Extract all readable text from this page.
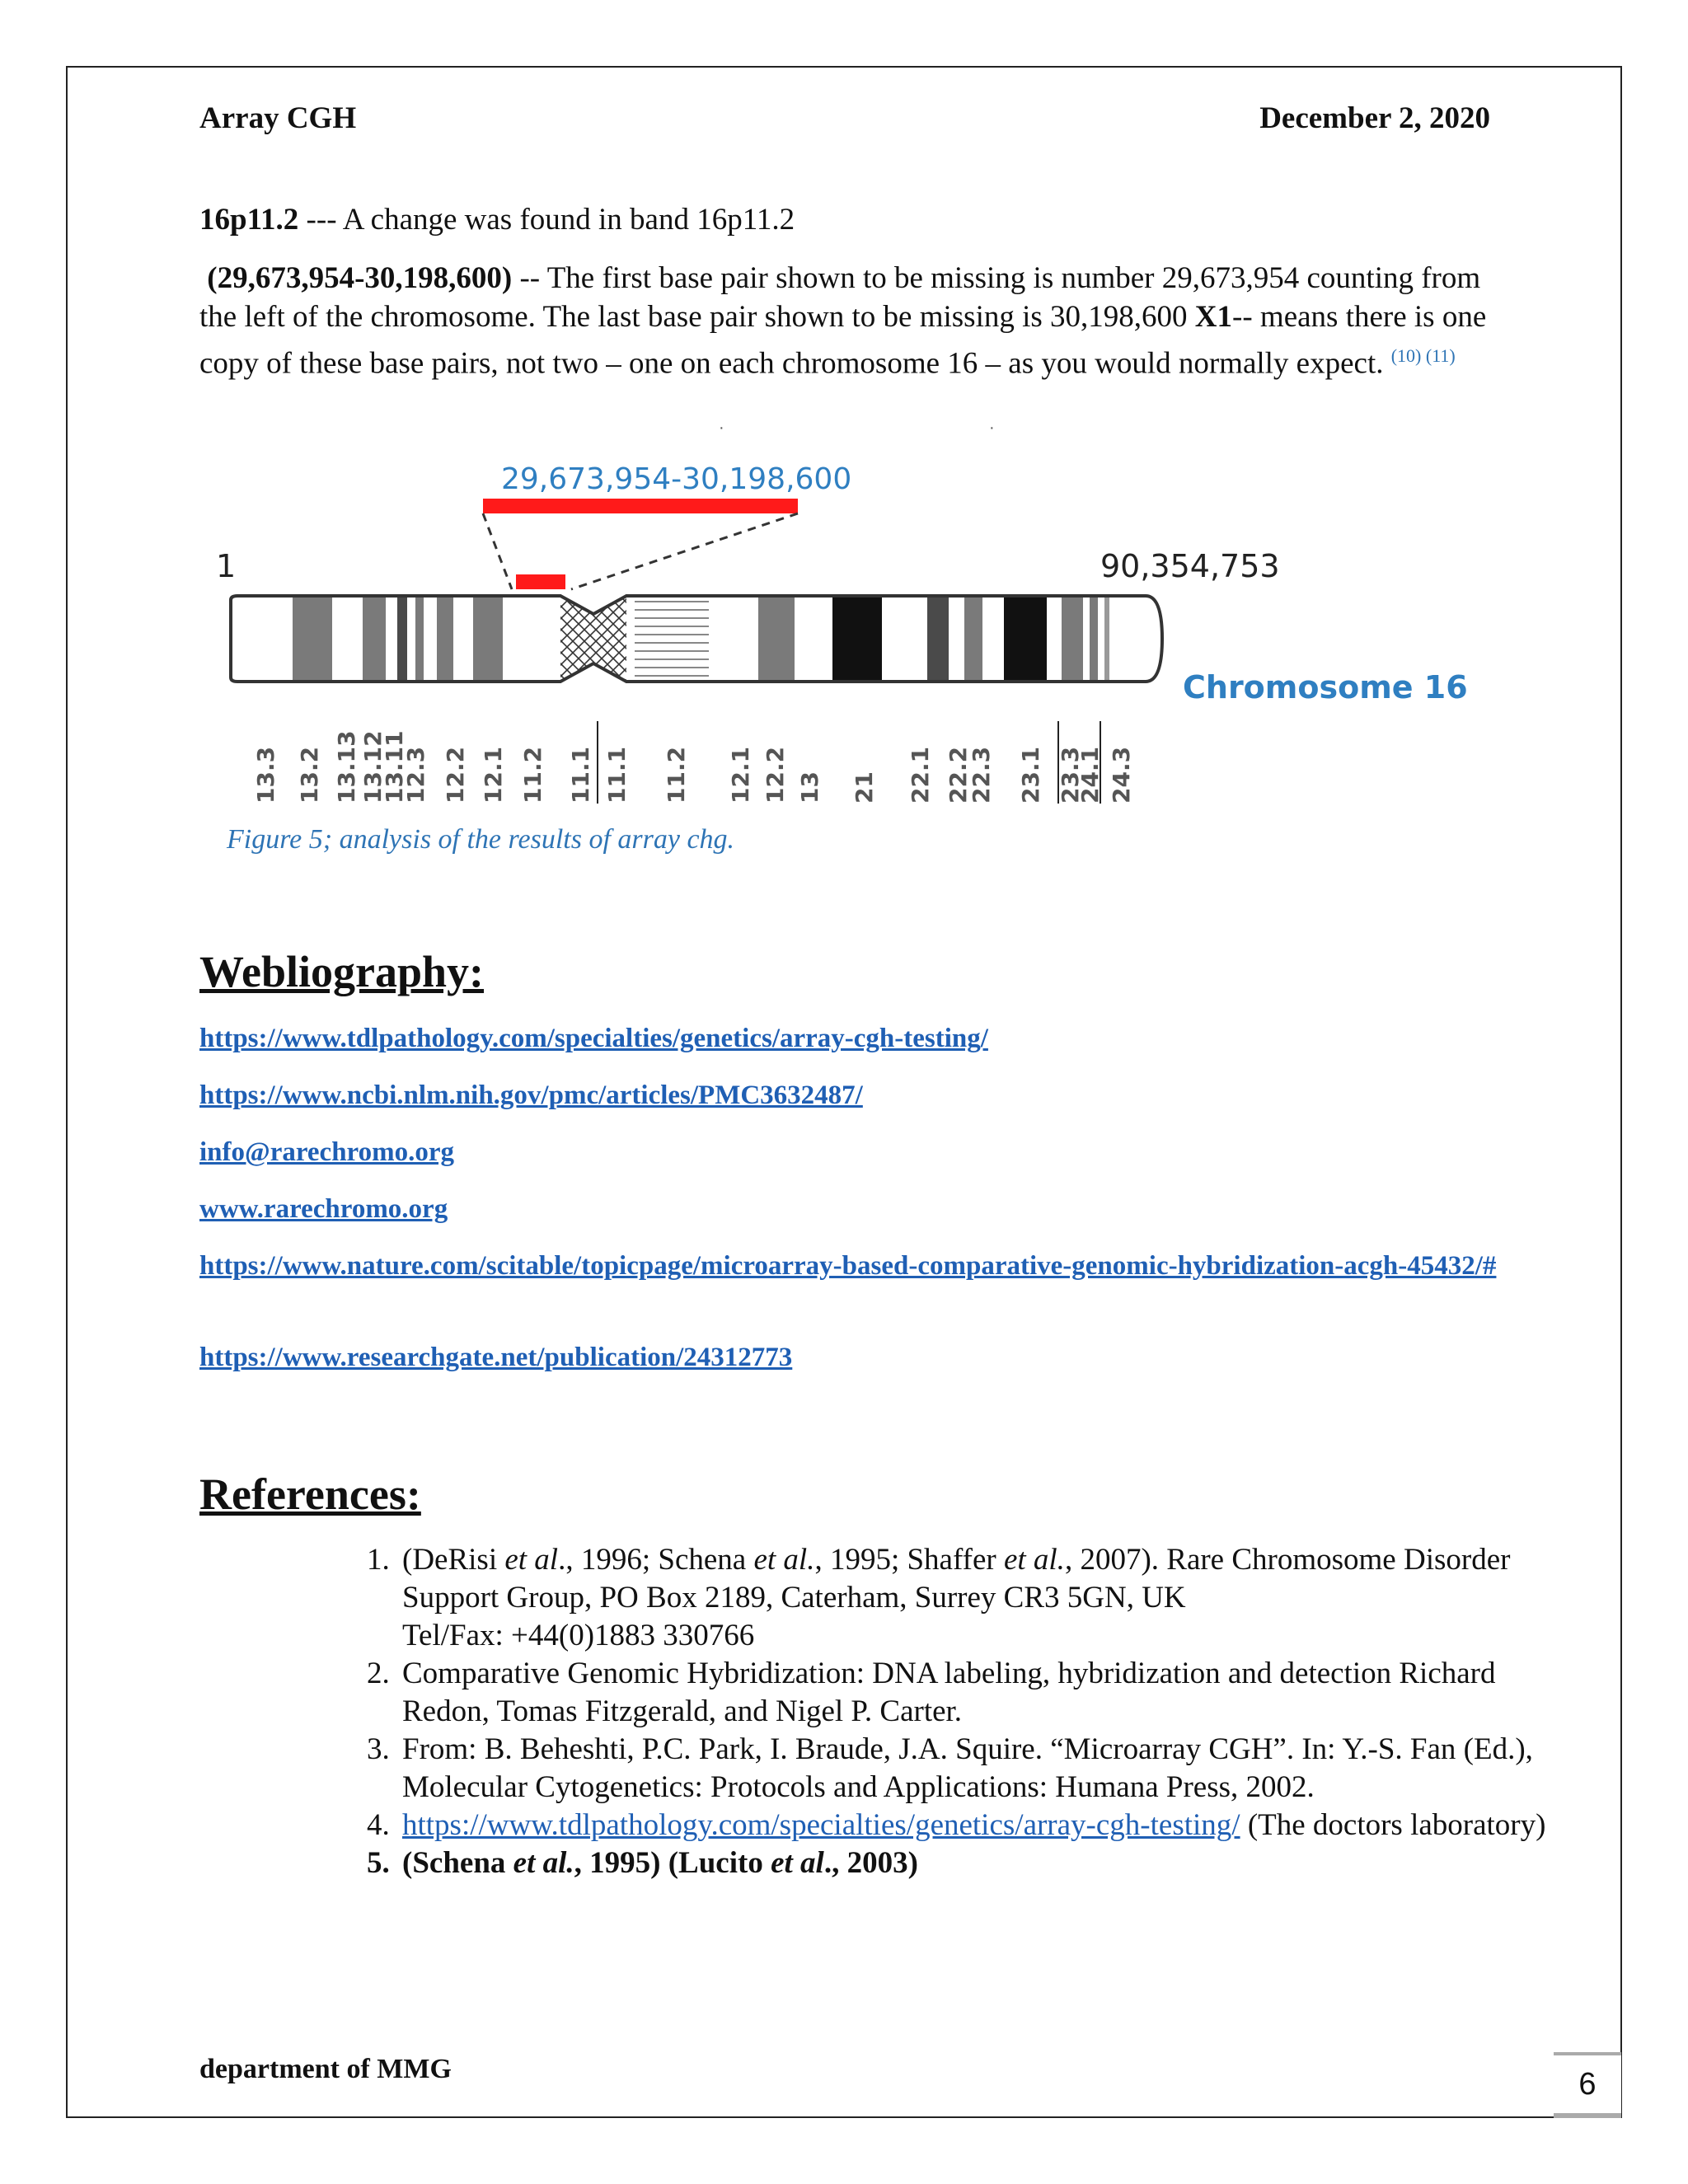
Array CGH	December 2, 2020
16p11.2 --- A change was found in band 16p11.2
(29,673,954-30,198,600) -- The first base pair shown to be missing is number 29,673,954 counting from the left of the chromosome. The last base pair shown to be missing is 30,198,600 X1-- means there is one copy of these base pairs, not two – one on each chromosome 16 – as you would normally expect. $^{(10) (11)}$
·	·
29,673,954-30,198,600
1	90,354,753
Chromosome 16
13.3 13.2 13.13 13.12
13.11
12.3 12.2 12.1 11.2 11.1 11.1 11.2 12.1 12.2 13 21 22.1 22.2
22.3 23.1 23.3
24.1 24.3
Figure 5; analysis of the results of array chg.
Webliography:
https://www.tdlpathology.com/specialties/genetics/array-cgh-testing/
https://www.ncbi.nlm.nih.gov/pmc/articles/PMC3632487/
info@rarechromo.org
www.rarechromo.org
https://www.nature.com/scitable/topicpage/microarray-based-comparative-genomic-hybridization-acgh-45432/#
https://www.researchgate.net/publication/24312773
References:
1. (DeRisi et al., 1996; Schena et al., 1995; Shaffer et al., 2007). Rare Chromosome Disorder Support Group, PO Box 2189, Caterham, Surrey CR3 5GN, UK
Tel/Fax: +44(0)1883 330766
2. Comparative Genomic Hybridization: DNA labeling, hybridization and detection Richard Redon, Tomas Fitzgerald, and Nigel P. Carter.
3. From: B. Beheshti, P.C. Park, I. Braude, J.A. Squire. “Microarray CGH”. In: Y.-S. Fan (Ed.), Molecular Cytogenetics: Protocols and Applications: Humana Press, 2002.
4. https://www.tdlpathology.com/specialties/genetics/array-cgh-testing/ (The doctors laboratory)
5. (Schena et al., 1995) (Lucito et al., 2003)
department of MMG	6
